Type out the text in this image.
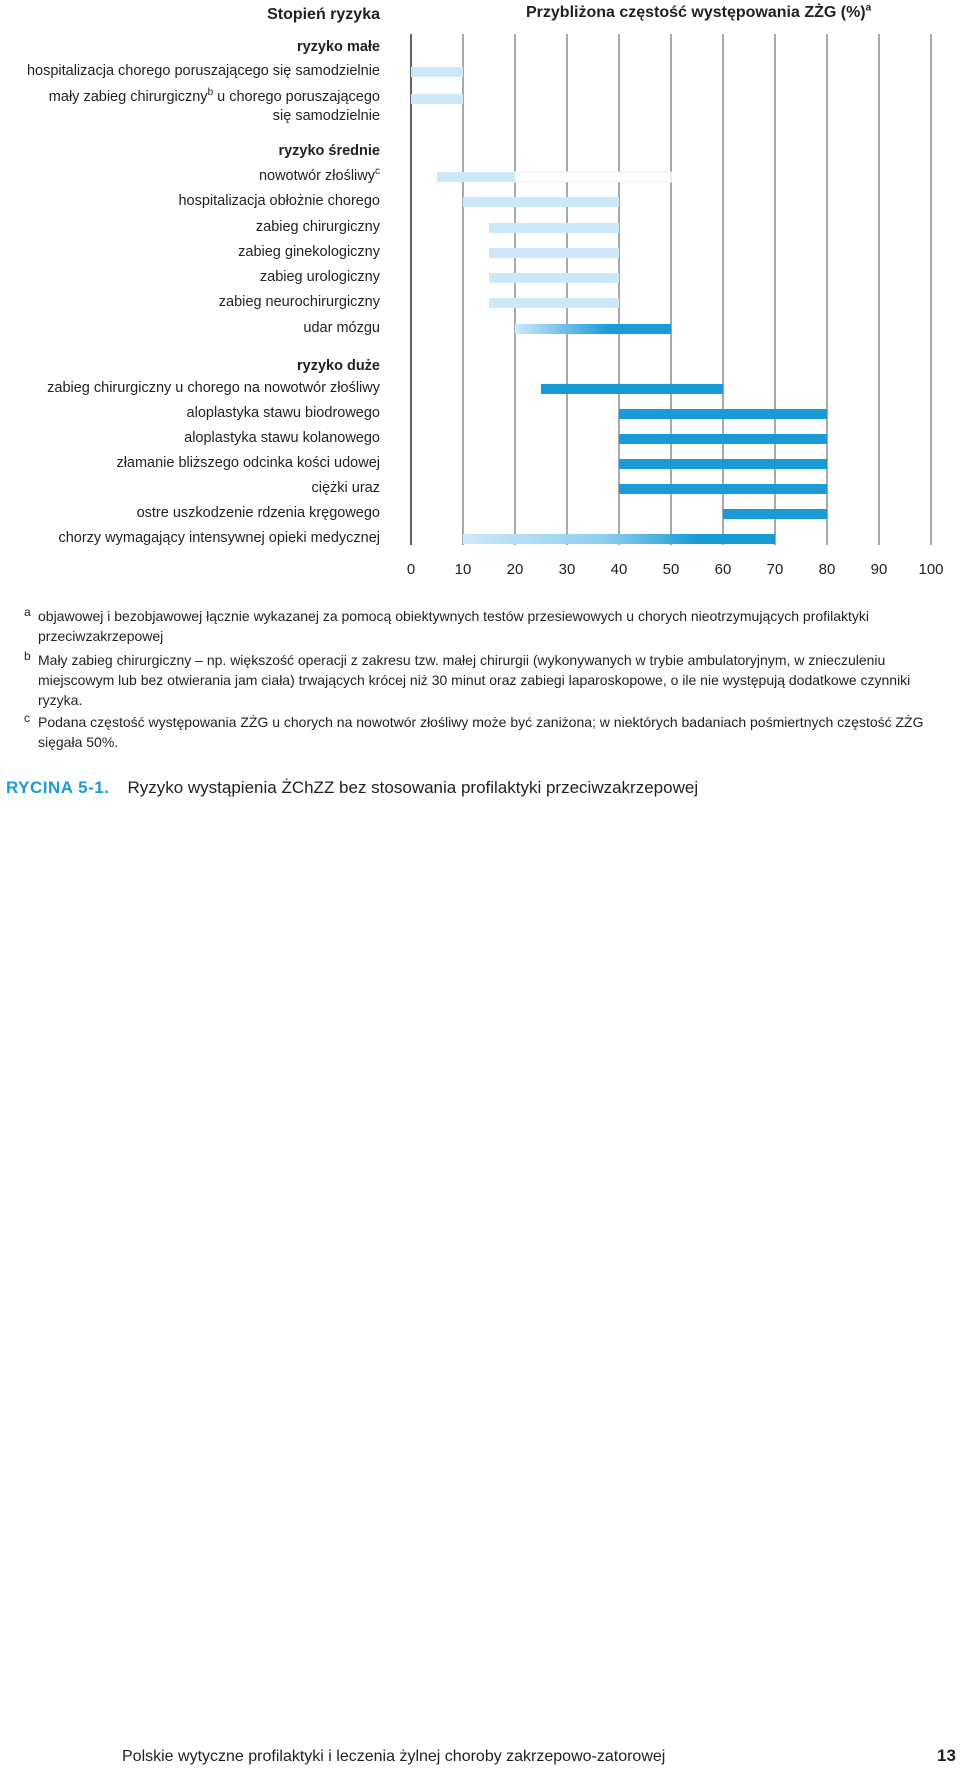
Stopień ryzyka	Przybliżona częstość występowania ZŻG (%)$^a$
ryzyko małe
hospitalizacja chorego poruszającego się samodzielnie
mały zabieg chirurgiczny$^b$ u chorego poruszającego
się samodzielnie
ryzyko średnie
nowotwór złośliwy$^c$
hospitalizacja obłożnie chorego
zabieg chirurgiczny
zabieg ginekologiczny
zabieg urologiczny
zabieg neurochirurgiczny
udar mózgu
ryzyko duże
zabieg chirurgiczny u chorego na nowotwór złośliwy
aloplastyka stawu biodrowego
aloplastyka stawu kolanowego
złamanie bliższego odcinka kości udowej
ciężki uraz
ostre uszkodzenie rdzenia kręgowego
chorzy wymagający intensywnej opieki medycznej
0	10 20 30 40 50 60 70 80 90 100
a objawowej i bezobjawowej łącznie wykazanej za pomocą obiektywnych testów przesiewowych u chorych nieotrzymujących profilaktyki przeciwzakrzepowej
b Mały zabieg chirurgiczny – np. większość operacji z zakresu tzw. małej chirurgii (wykonywanych w trybie ambulatoryjnym, w znieczuleniu miejscowym lub bez otwierania jam ciała) trwających krócej niż 30 minut oraz zabiegi laparoskopowe, o ile nie występują dodatkowe czynniki ryzyka.
c Podana częstość występowania ZŻG u chorych na nowotwór złośliwy może być zaniżona; w niektórych badaniach pośmiertnych częstość ZŻG sięgała 50%.
RYCINA 5-1. Ryzyko wystąpienia ŻChZZ bez stosowania profilaktyki przeciwzakrzepowej
Polskie wytyczne profilaktyki i leczenia żylnej choroby zakrzepowo-zatorowej	13
